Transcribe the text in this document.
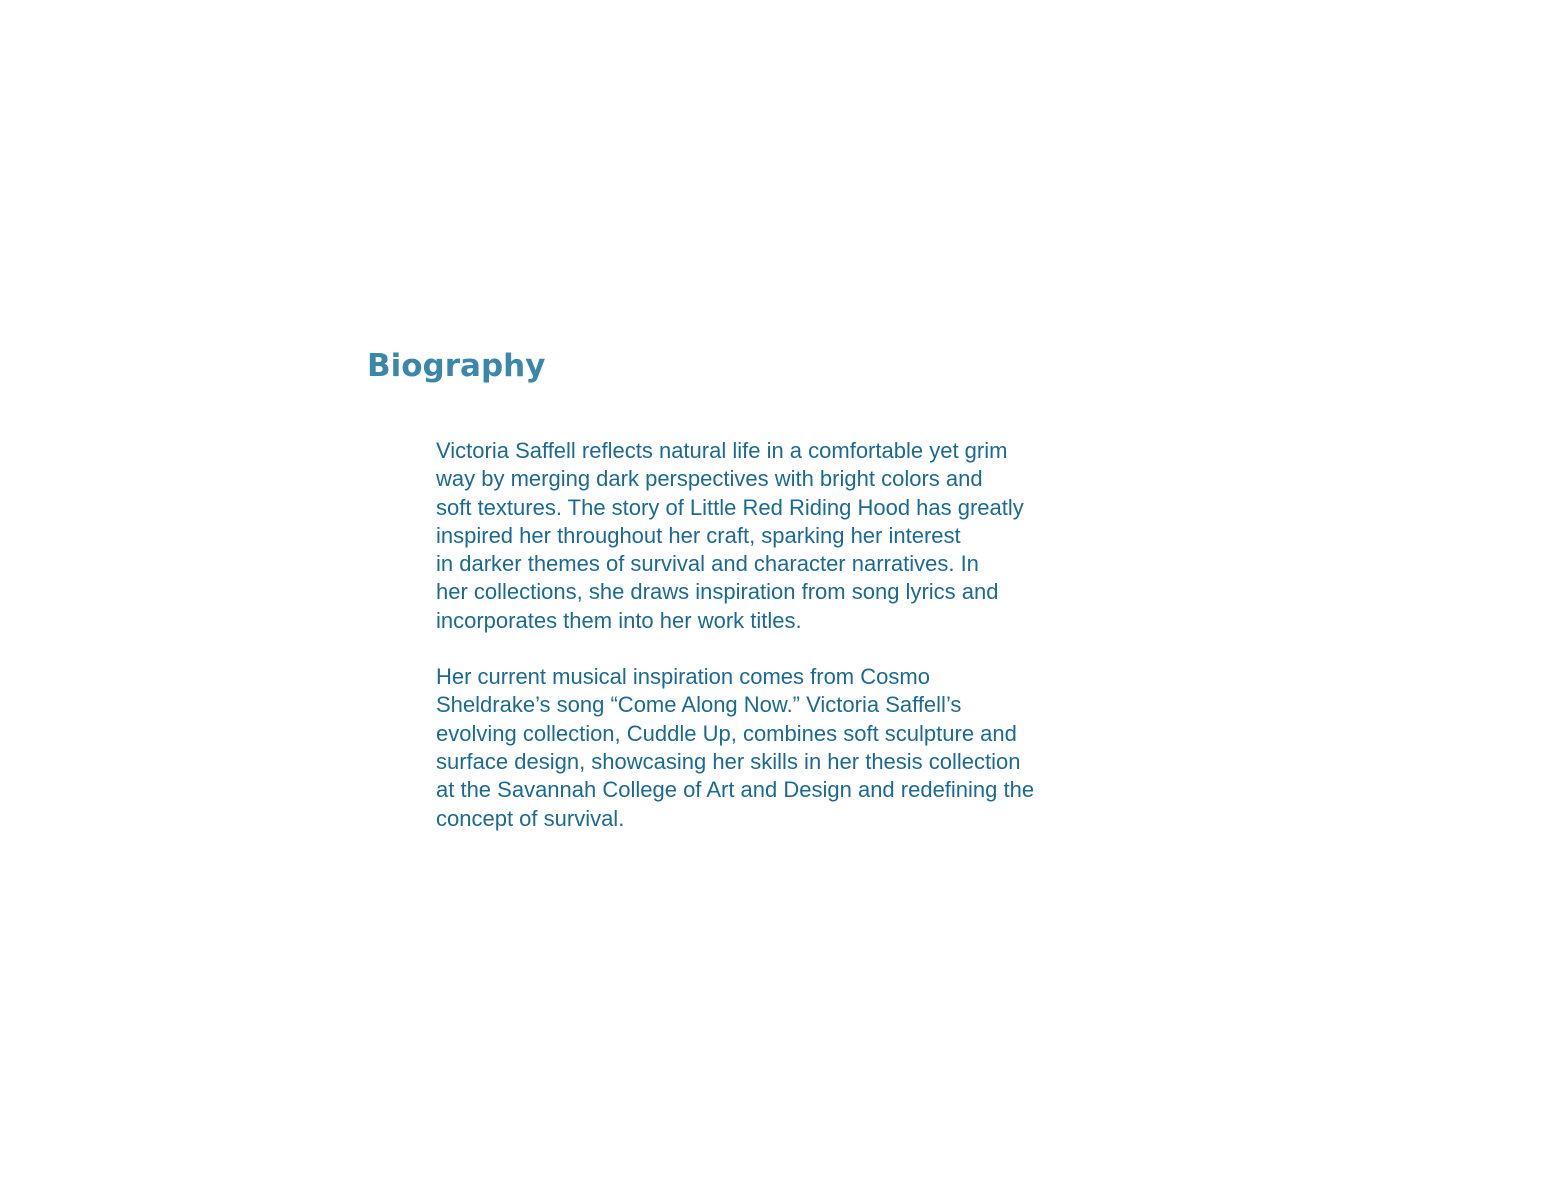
Biography

Victoria Saffell reflects natural life in a comfortable yet grim
way by merging dark perspectives with bright colors and
soft textures. The story of Little Red Riding Hood has greatly
inspired her throughout her craft, sparking her interest
in darker themes of survival and character narratives. In
her collections, she draws inspiration from song lyrics and
incorporates them into her work titles.

Her current musical inspiration comes from Cosmo
Sheldrake’s song “Come Along Now.” Victoria Saffell’s
evolving collection, Cuddle Up, combines soft sculpture and
surface design, showcasing her skills in her thesis collection
at the Savannah College of Art and Design and redefining the
concept of survival.
